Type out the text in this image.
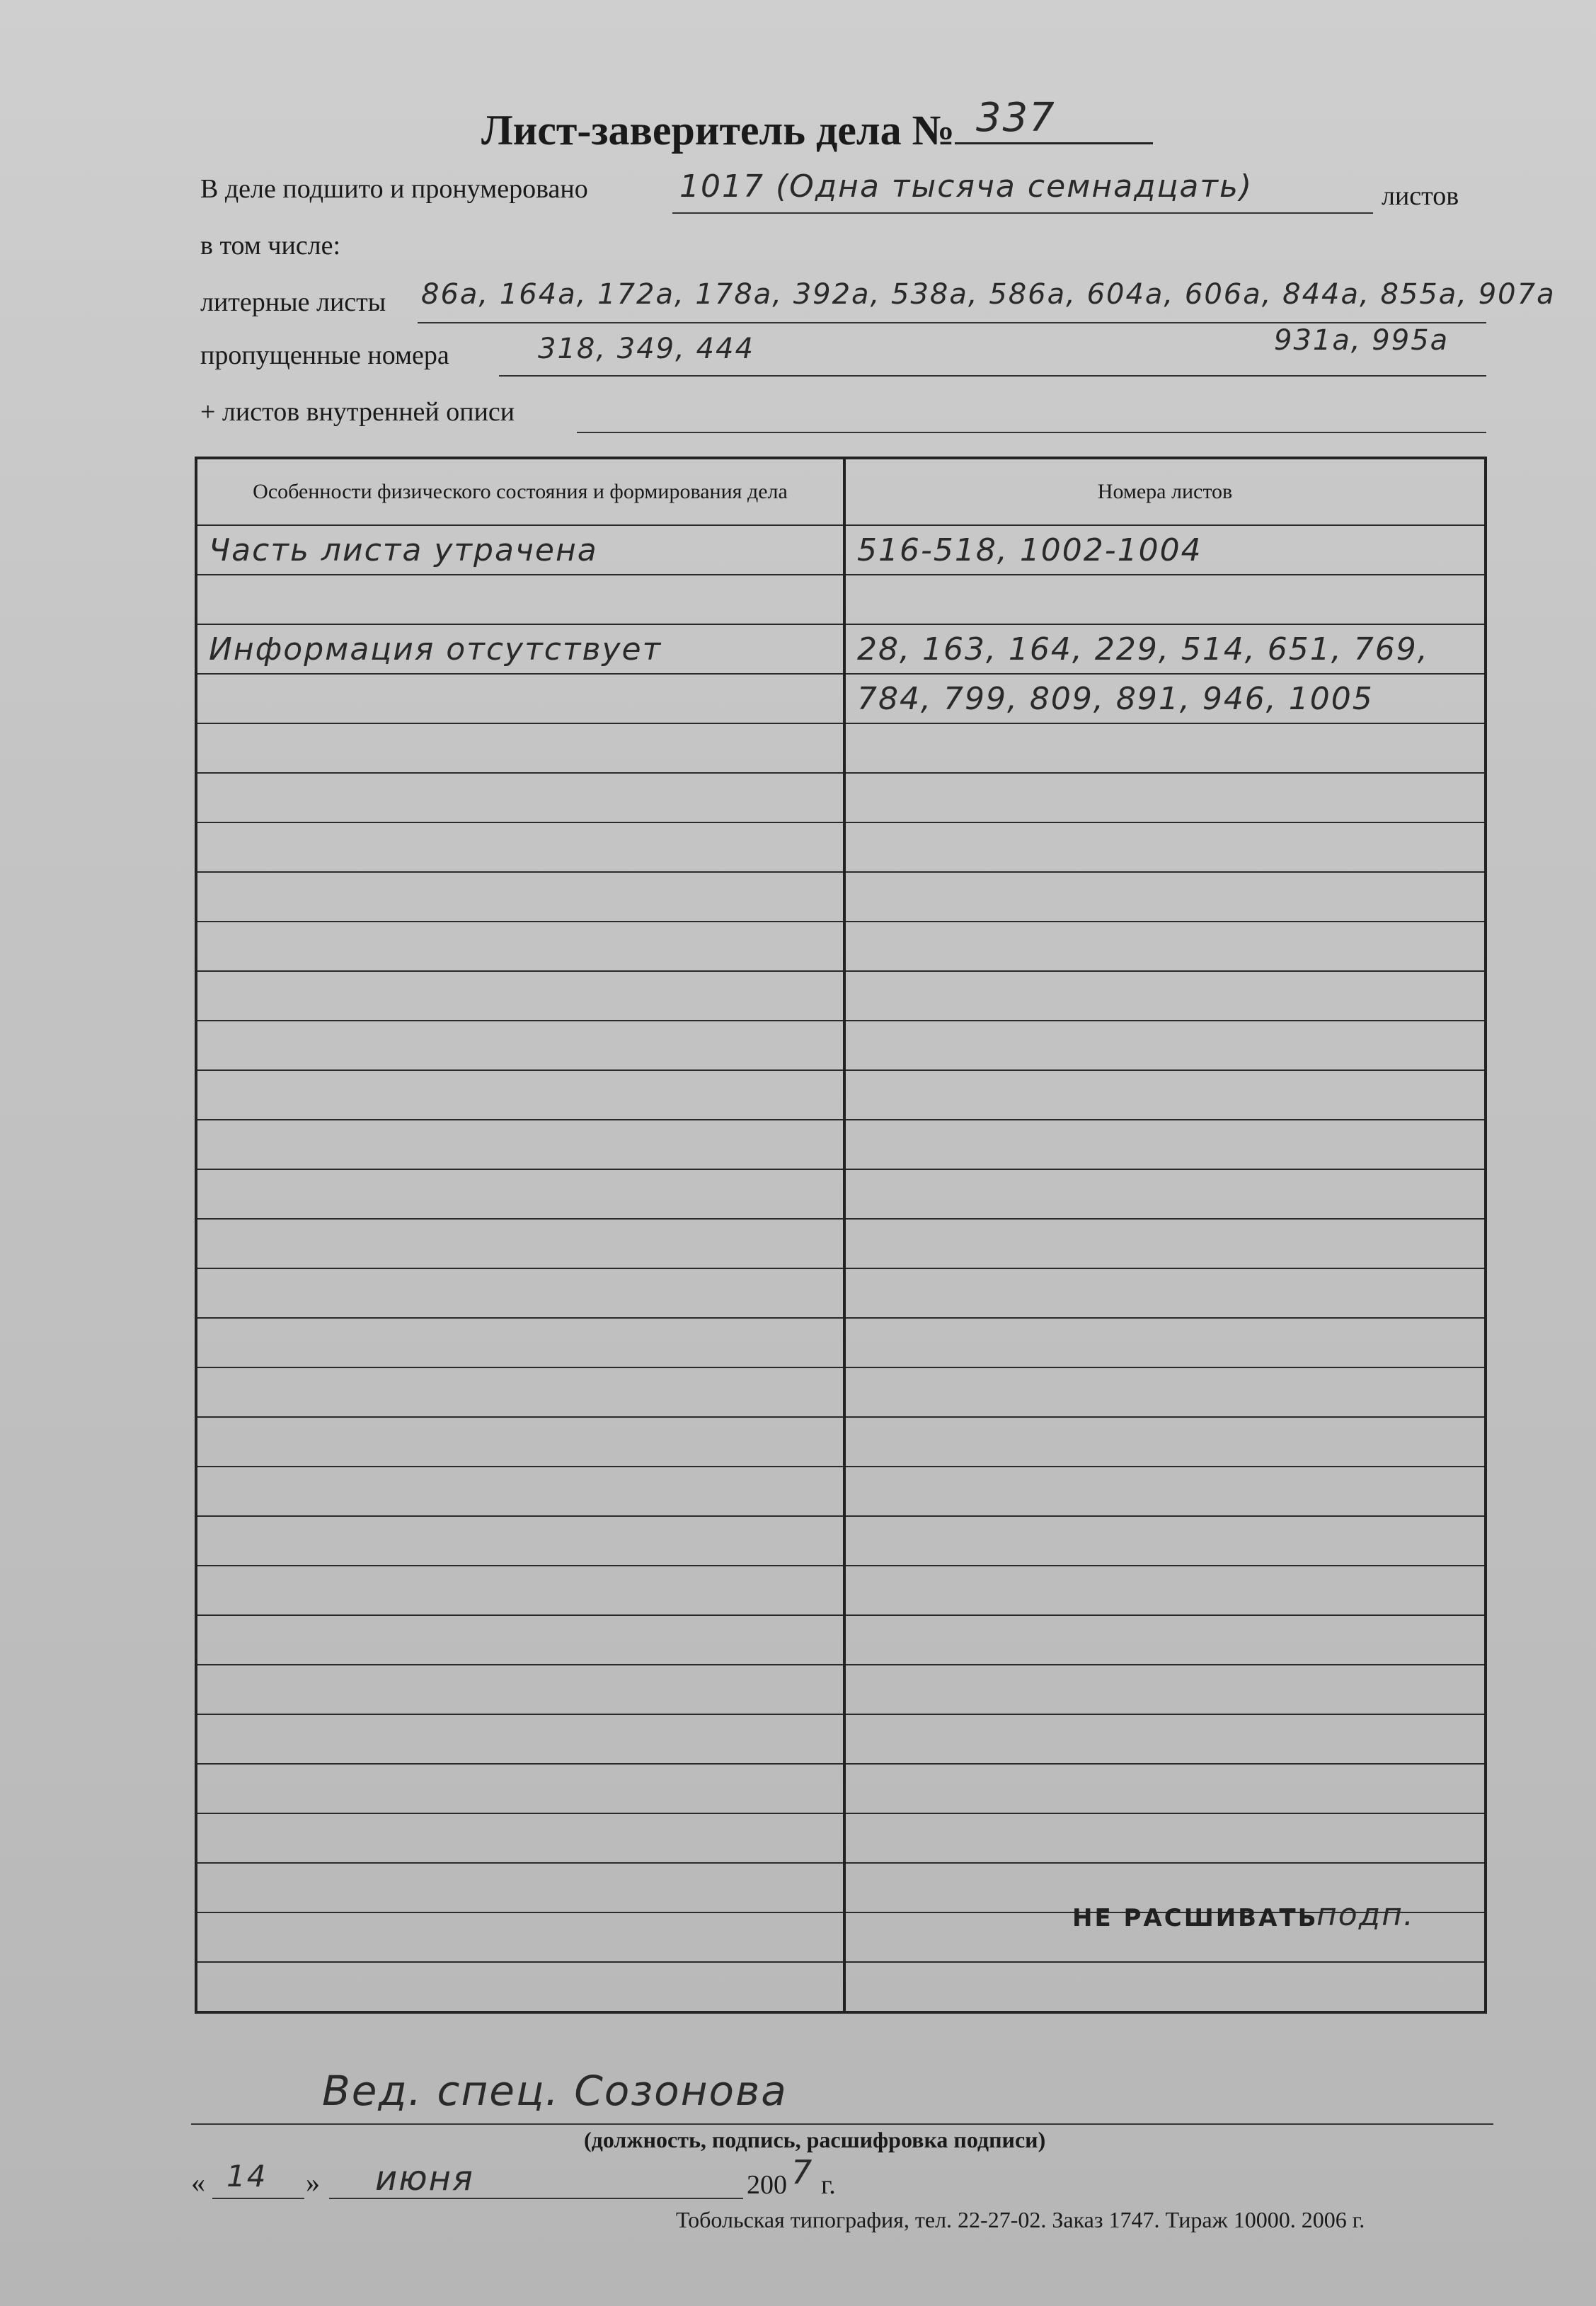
Лист-заверитель дела № 337
В деле подшито и пронумеровано	1017 (Одна тысяча семнадцать)	листов
в том числе:
литерные листы 86а, 164а, 172а, 178а, 392а, 538а, 586а, 604а, 606а, 844а, 855а, 907а
пропущенные номера	318, 349, 444	931а, 995а
+ листов внутренней описи
Особенности физического состояния и формирования дела	Номера листов
Часть листа утрачена	516-518, 1002-1004

Информация отсутствует	28, 163, 164, 229, 514, 651, 769,
	784, 799, 809, 891, 946, 1005

НЕ РАСШИВАТЬ
подп.
Вед. спец. Созонова
(должность, подпись, расшифровка подписи)
« 14 » июня	200 7 г.
Тобольская типография, тел. 22-27-02. Заказ 1747. Тираж 10000. 2006 г.
